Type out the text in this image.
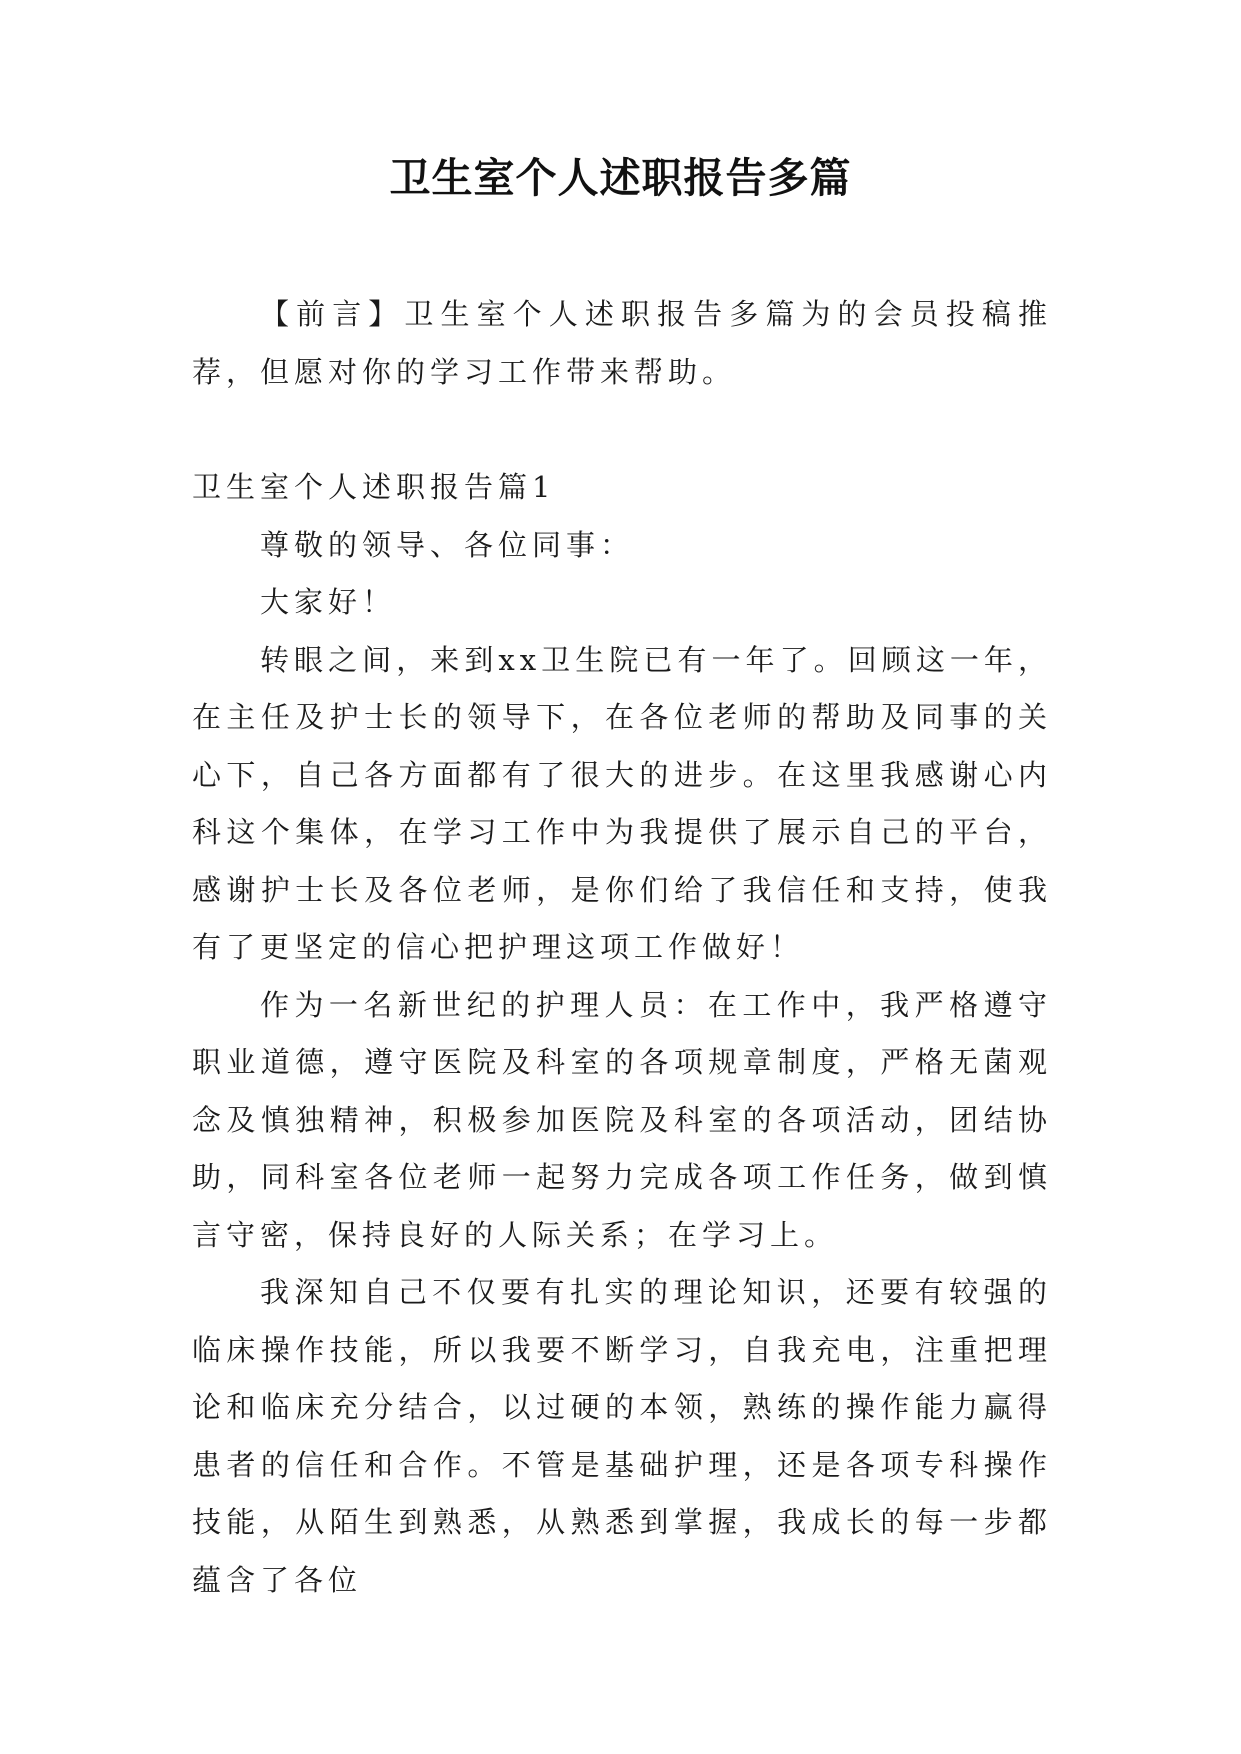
卫生室个人述职报告多篇

【前言】卫生室个人述职报告多篇为的会员投稿推荐，但愿对你的学习工作带来帮助。

卫生室个人述职报告篇1

尊敬的领导、各位同事：

大家好！

转眼之间，来到xx卫生院已有一年了。回顾这一年，在主任及护士长的领导下，在各位老师的帮助及同事的关心下，自己各方面都有了很大的进步。在这里我感谢心内科这个集体，在学习工作中为我提供了展示自己的平台，感谢护士长及各位老师，是你们给了我信任和支持，使我有了更坚定的信心把护理这项工作做好！

作为一名新世纪的护理人员：在工作中，我严格遵守职业道德，遵守医院及科室的各项规章制度，严格无菌观念及慎独精神，积极参加医院及科室的各项活动，团结协助，同科室各位老师一起努力完成各项工作任务，做到慎言守密，保持良好的人际关系；在学习上。

我深知自己不仅要有扎实的理论知识，还要有较强的临床操作技能，所以我要不断学习，自我充电，注重把理论和临床充分结合，以过硬的本领，熟练的操作能力赢得患者的信任和合作。不管是基础护理，还是各项专科操作技能，从陌生到熟悉，从熟悉到掌握，我成长的每一步都蕴含了各位
